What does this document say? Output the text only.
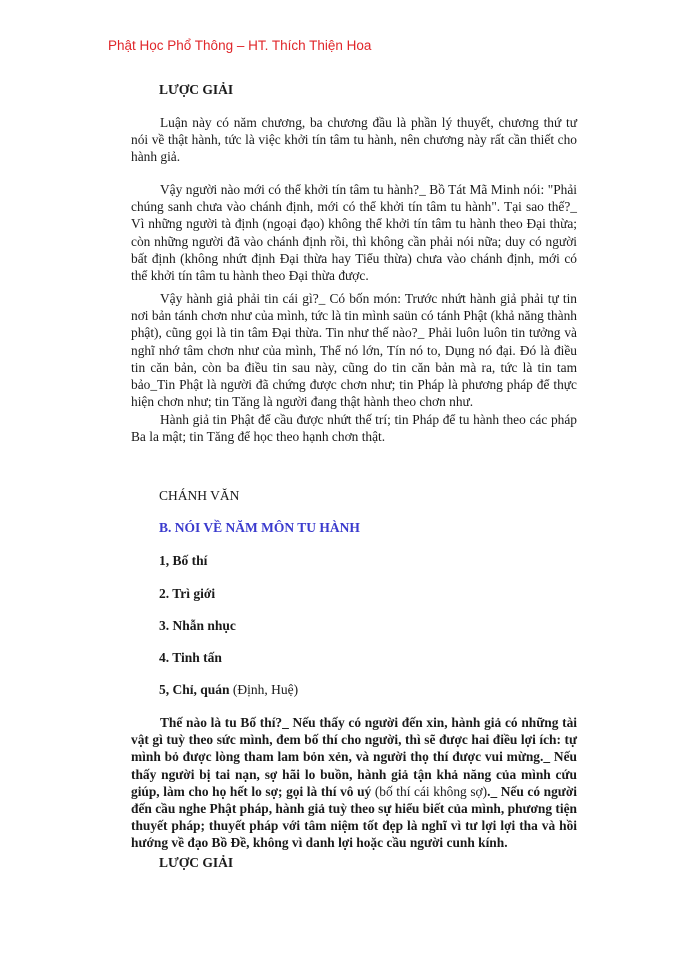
Phật Học Phổ Thông – HT. Thích Thiện Hoa
LƯỢC GIẢI
Luận này có năm chương, ba chương đầu là phần lý thuyết, chương thứ tư nói về thật hành, tức là việc khởi tín tâm tu hành, nên chương này rất cần thiết cho hành giả.
Vậy người nào mới có thể khởi tín tâm tu hành?_ Bồ Tát Mã Minh nói: "Phải chúng sanh chưa vào chánh định, mới có thể khởi tín tâm tu hành". Tại sao thế?_ Vì những người tà định (ngoại đạo) không thể khởi tín tâm tu hành theo Đại thừa; còn những người đã vào chánh định rồi, thì không cần phải nói nữa; duy có người bất định (không nhứt định Đại thừa hay Tiểu thừa) chưa vào chánh định, mới có thể khởi tín tâm tu hành theo Đại thừa được.
Vậy hành giả phải tin cái gì?_ Có bốn món: Trước nhứt hành giả phải tự tin nơi bản tánh chơn như của mình, tức là tin mình saün có tánh Phật (khả năng thành phật), cũng gọi là tin tâm Đại thừa. Tin như thế nào?_ Phải luôn luôn tin tưởng và nghĩ nhớ tâm chơn như của mình, Thể nó lớn, Tín nó to, Dụng nó đại. Đó là điều tin căn bản, còn ba điều tin sau này, cũng do tin căn bản mà ra, tức là tin tam bảo_Tin Phật là người đã chứng được chơn như; tin Pháp là phương pháp để thực hiện chơn như; tin Tăng là người đang thật hành theo chơn như.
Hành giả tin Phật để cầu được nhứt thế trí; tin Pháp để tu hành theo các pháp Ba la mật; tin Tăng để học theo hạnh chơn thật.
CHÁNH VĂN
B. NÓI VỀ NĂM MÔN TU HÀNH
1, Bố thí
2. Trì giới
3. Nhẫn nhục
4. Tinh tấn
5, Chỉ, quán (Định, Huệ)
Thế nào là tu Bố thí?_ Nếu thấy có người đến xin, hành giả có những tài vật gì tuỳ theo sức mình, đem bố thí cho người, thì sẽ được hai điều lợi ích: tự mình bỏ được lòng tham lam bỏn xẻn, và người thọ thí được vui mừng._ Nếu thấy người bị tai nạn, sợ hãi lo buồn, hành giả tận khả năng của mình cứu giúp, làm cho họ hết lo sợ; gọi là thí vô uý (bố thí cái không sợ)._ Nếu có người đến cầu nghe Phật pháp, hành giả tuỳ theo sự hiểu biết của mình, phương tiện thuyết pháp; thuyết pháp với tâm niệm tốt đẹp là nghĩ vì tư lợi lợi tha và hồi hướng về đạo Bồ Đề, không vì danh lợi hoặc cầu người cunh kính.
LƯỢC GIẢI
